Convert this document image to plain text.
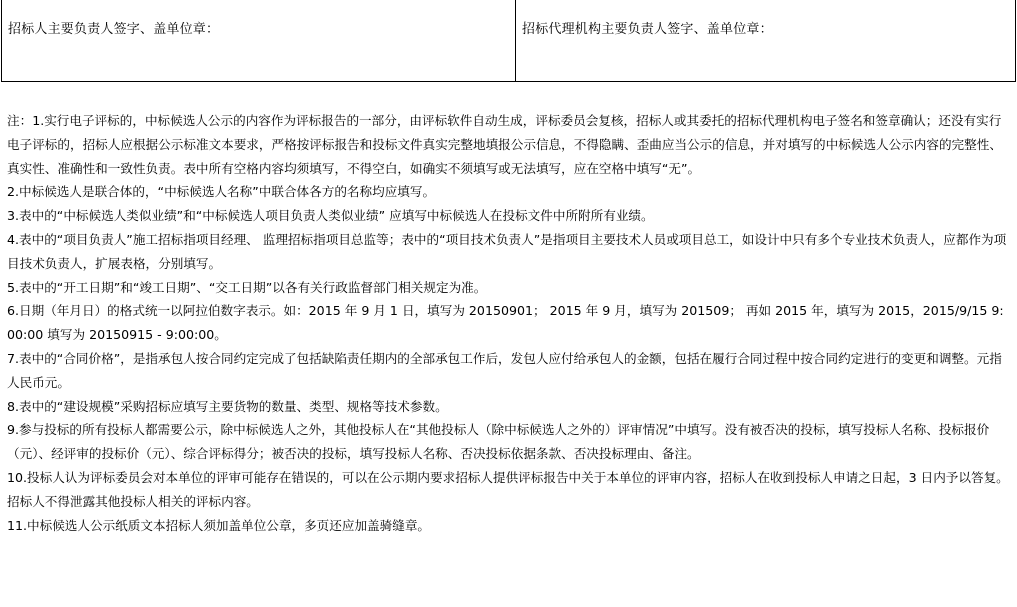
招标人主要负责人签字、盖单位章：	招标代理机构主要负责人签字、盖单位章：

注：1.实行电子评标的，中标候选人公示的内容作为评标报告的一部分，由评标软件自动生成，评标委员会复核，招标人或其委托的招标代理机构电子签名和签章确认；还没有实行电子评标的，招标人应根据公示标准文本要求，严格按评标报告和投标文件真实完整地填报公示信息，不得隐瞒、歪曲应当公示的信息，并对填写的中标候选人公示内容的完整性、真实性、准确性和一致性负责。表中所有空格内容均须填写，不得空白，如确实不须填写或无法填写，应在空格中填写“无”。

2.中标候选人是联合体的，“中标候选人名称”中联合体各方的名称均应填写。

3.表中的“中标候选人类似业绩”和“中标候选人项目负责人类似业绩” 应填写中标候选人在投标文件中所附所有业绩。

4.表中的“项目负责人”施工招标指项目经理、 监理招标指项目总监等；表中的“项目技术负责人”是指项目主要技术人员或项目总工，如设计中只有多个专业技术负责人，应都作为项目技术负责人，扩展表格，分别填写。

5.表中的“开工日期”和“竣工日期”、“交工日期”以各有关行政监督部门相关规定为准。

6.日期（年月日）的格式统一以阿拉伯数字表示。如：2015 年 9 月 1 日，填写为 20150901； 2015 年 9 月，填写为 201509； 再如 2015 年，填写为 2015，2015/9/15 9:00:00 填写为 20150915 - 9:00:00。

7.表中的“合同价格”，是指承包人按合同约定完成了包括缺陷责任期内的全部承包工作后，发包人应付给承包人的金额，包括在履行合同过程中按合同约定进行的变更和调整。元指人民币元。

8.表中的“建设规模”采购招标应填写主要货物的数量、类型、规格等技术参数。

9.参与投标的所有投标人都需要公示，除中标候选人之外，其他投标人在“其他投标人（除中标候选人之外的）评审情况”中填写。没有被否决的投标，填写投标人名称、投标报价（元）、经评审的投标价（元）、综合评标得分；被否决的投标，填写投标人名称、否决投标依据条款、否决投标理由、备注。

10.投标人认为评标委员会对本单位的评审可能存在错误的，可以在公示期内要求招标人提供评标报告中关于本单位的评审内容，招标人在收到投标人申请之日起，3 日内予以答复。招标人不得泄露其他投标人相关的评标内容。

11.中标候选人公示纸质文本招标人须加盖单位公章，多页还应加盖骑缝章。
